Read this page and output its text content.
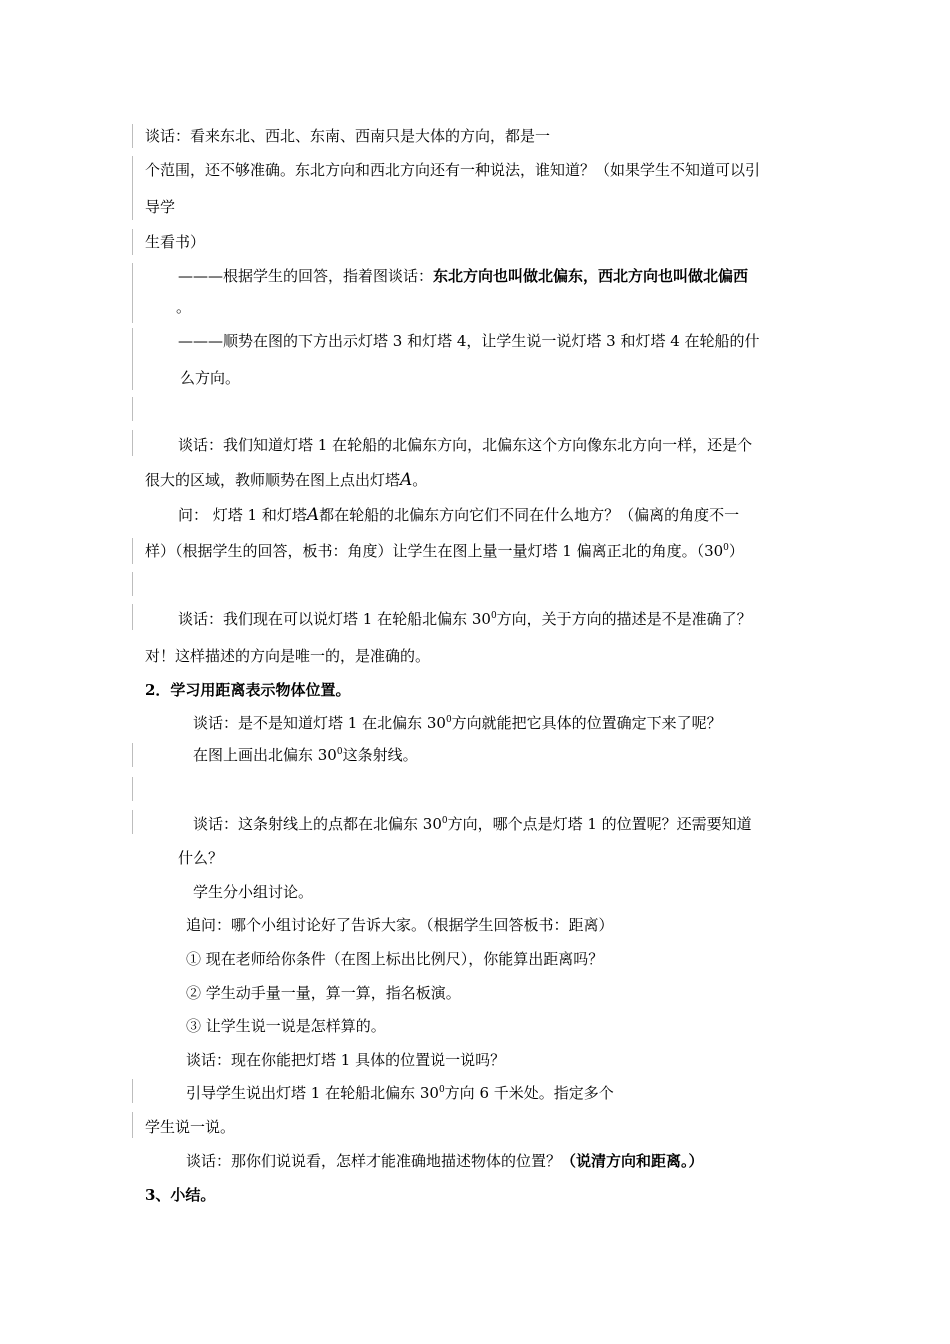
谈话：看来东北、西北、东南、西南只是大体的方向，都是一
个范围，还不够准确。东北方向和西北方向还有一种说法，谁知道？（如果学生不知道可以引
导学
生看书）
———根据学生的回答，指着图谈话：东北方向也叫做北偏东，西北方向也叫做北偏西
。
———顺势在图的下方出示灯塔 3 和灯塔 4，让学生说一说灯塔 3 和灯塔 4 在轮船的什
么方向。
谈话：我们知道灯塔 1 在轮船的北偏东方向，北偏东这个方向像东北方向一样，还是个
很大的区域，教师顺势在图上点出灯塔A。
问： 灯塔 1 和灯塔A都在轮船的北偏东方向它们不同在什么地方？（偏离的角度不一
样）（根据学生的回答，板书：角度）让学生在图上量一量灯塔 1 偏离正北的角度。$(30^0)$
谈话：我们现在可以说灯塔 1 在轮船北偏东 $30^0$方向，关于方向的描述是不是准确了？
对！这样描述的方向是唯一的，是准确的。
2．学习用距离表示物体位置。
谈话：是不是知道灯塔 1 在北偏东 $30^0$方向就能把它具体的位置确定下来了呢？
在图上画出北偏东 $30^0$这条射线。
谈话：这条射线上的点都在北偏东 $30^0$方向，哪个点是灯塔 1 的位置呢？还需要知道
什么？
学生分小组讨论。
追问：哪个小组讨论好了告诉大家。（根据学生回答板书：距离）
① 现在老师给你条件（在图上标出比例尺），你能算出距离吗？
② 学生动手量一量，算一算，指名板演。
③ 让学生说一说是怎样算的。
谈话：现在你能把灯塔 1 具体的位置说一说吗？
引导学生说出灯塔 1 在轮船北偏东 $30^0$方向 6 千米处。指定多个
学生说一说。
谈话：那你们说说看，怎样才能准确地描述物体的位置？（说清方向和距离。）
3、小结。
